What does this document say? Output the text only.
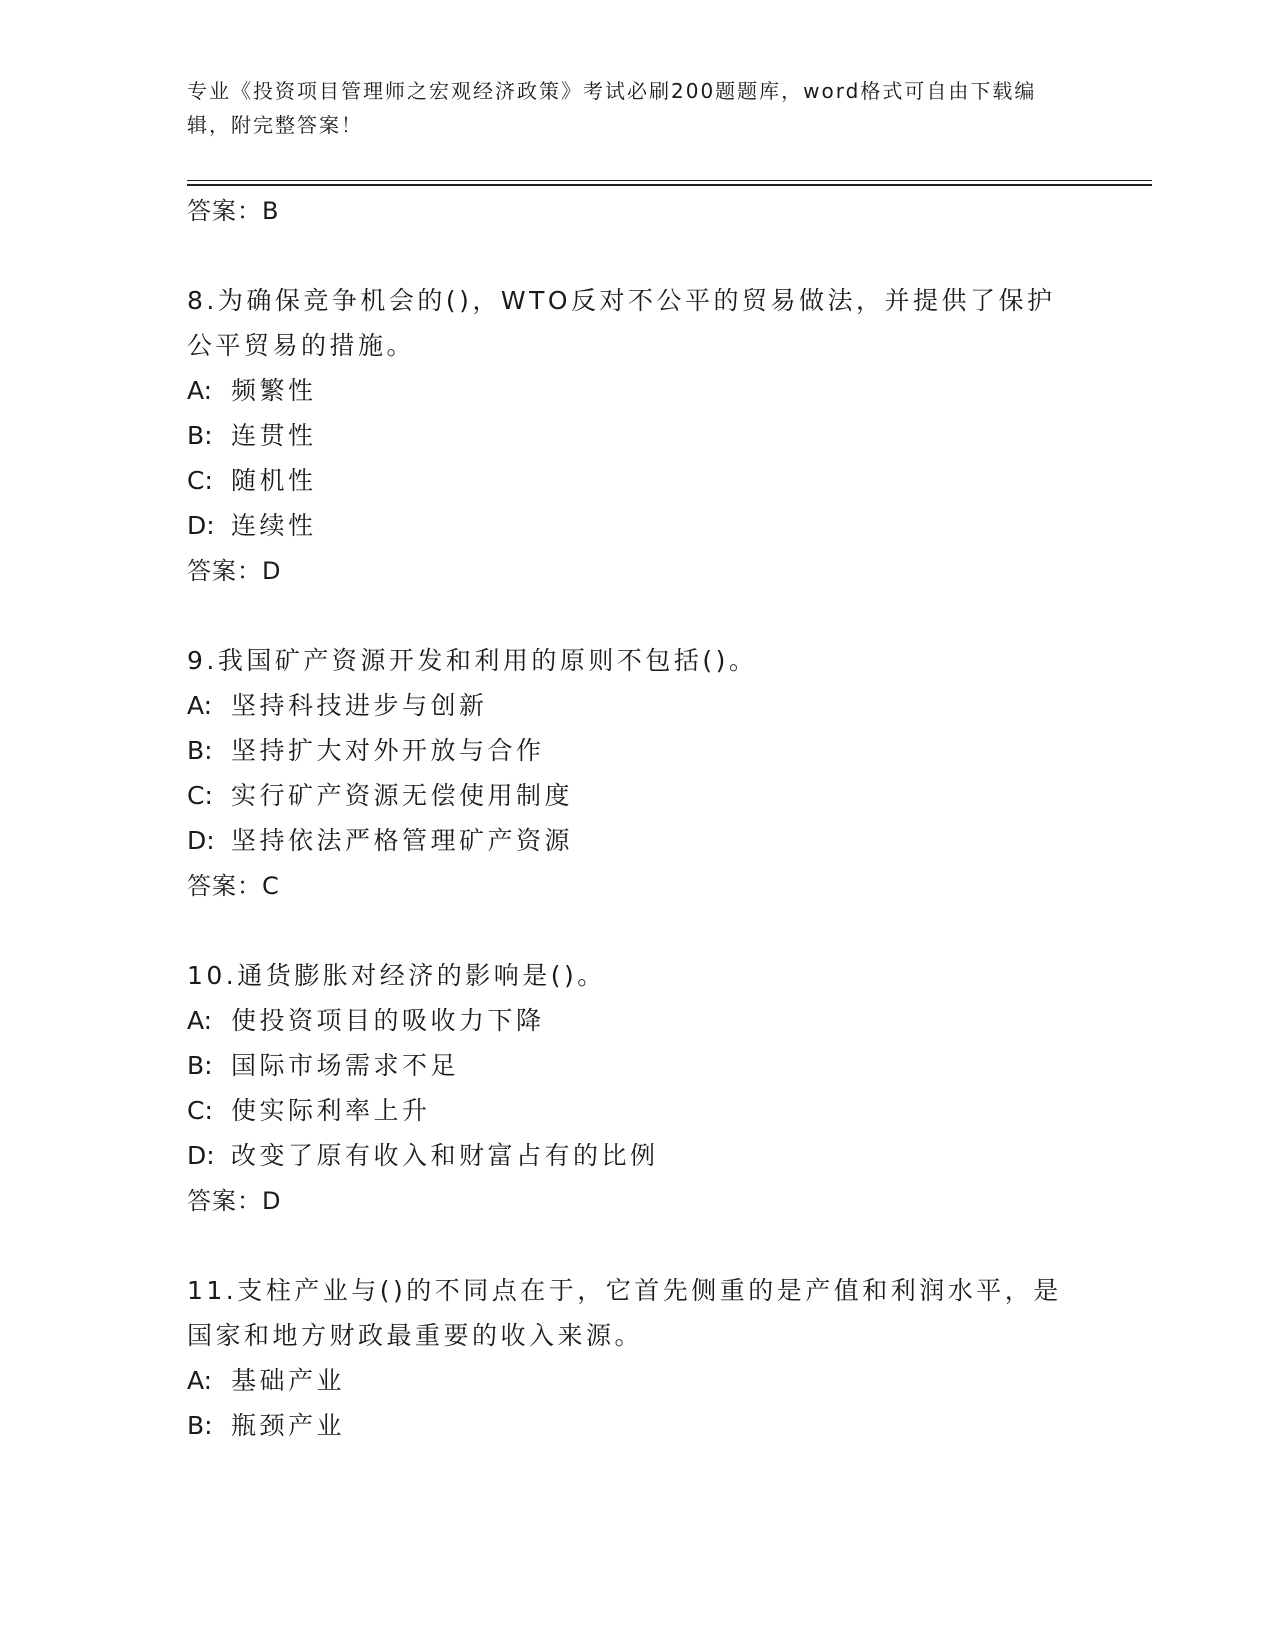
专业《投资项目管理师之宏观经济政策》考试必刷200题题库，word格式可自由下载编辑，附完整答案！
答案：B
8.为确保竞争机会的()，WTO反对不公平的贸易做法，并提供了保护公平贸易的措施。
A: 频繁性
B: 连贯性
C: 随机性
D: 连续性
答案：D
9.我国矿产资源开发和利用的原则不包括()。
A: 坚持科技进步与创新
B: 坚持扩大对外开放与合作
C: 实行矿产资源无偿使用制度
D: 坚持依法严格管理矿产资源
答案：C
10.通货膨胀对经济的影响是()。
A: 使投资项目的吸收力下降
B: 国际市场需求不足
C: 使实际利率上升
D: 改变了原有收入和财富占有的比例
答案：D
11.支柱产业与()的不同点在于，它首先侧重的是产值和利润水平，是国家和地方财政最重要的收入来源。
A: 基础产业
B: 瓶颈产业
